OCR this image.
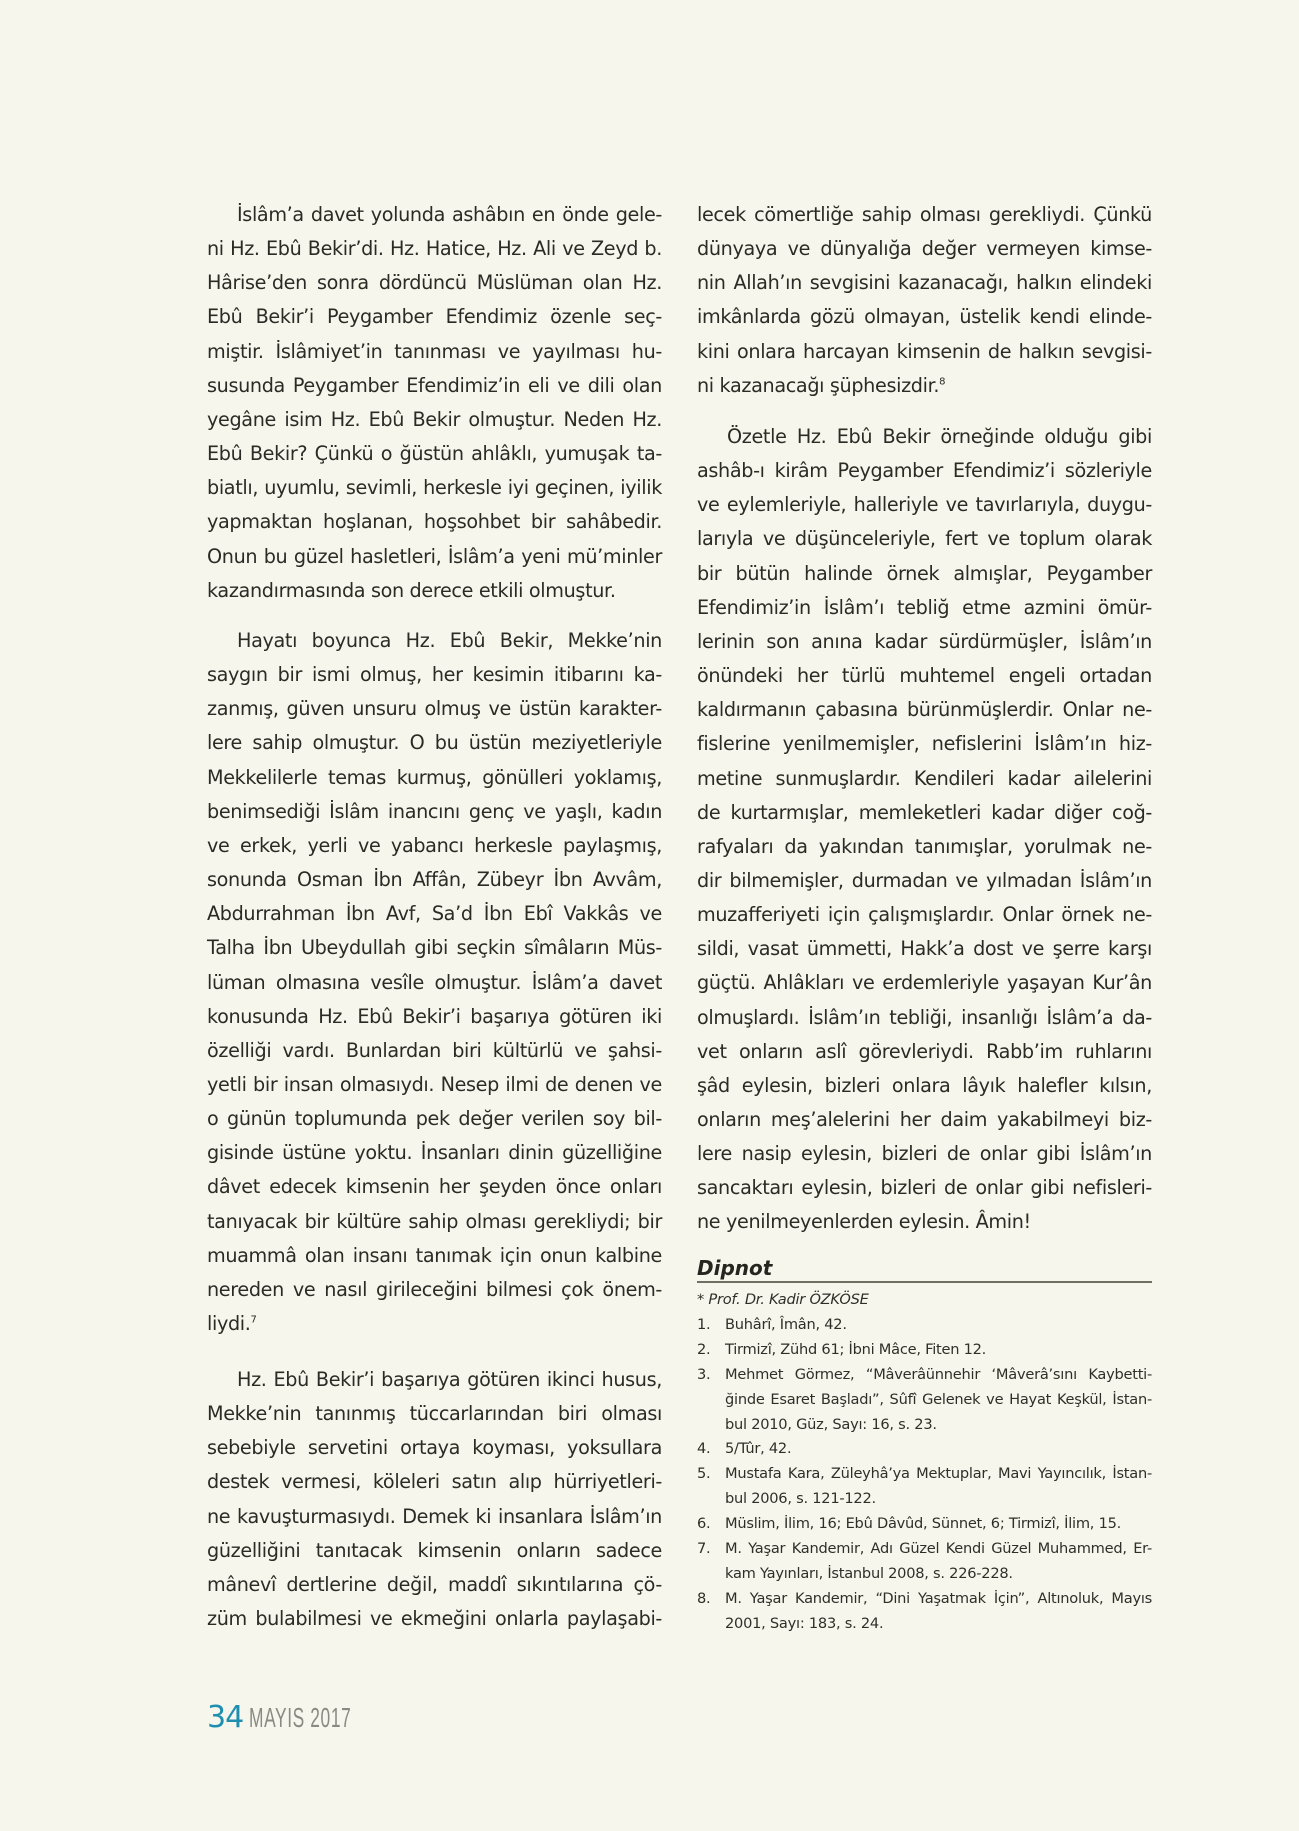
İslâm’a davet yolunda ashâbın en önde gele-
ni Hz. Ebû Bekir’di. Hz. Hatice, Hz. Ali ve Zeyd b.
Hârise’den sonra dördüncü Müslüman olan Hz.
Ebû Bekir’i Peygamber Efendimiz özenle seç-
miştir. İslâmiyet’in tanınması ve yayılması hu-
susunda Peygamber Efendimiz’in eli ve dili olan
yegâne isim Hz. Ebû Bekir olmuştur. Neden Hz.
Ebû Bekir? Çünkü o ğüstün ahlâklı, yumuşak ta-
biatlı, uyumlu, sevimli, herkesle iyi geçinen, iyilik
yapmaktan hoşlanan, hoşsohbet bir sahâbedir.
Onun bu güzel hasletleri, İslâm’a yeni mü’minler
kazandırmasında son derece etkili olmuştur.
Hayatı boyunca Hz. Ebû Bekir, Mekke’nin
saygın bir ismi olmuş, her kesimin itibarını ka-
zanmış, güven unsuru olmuş ve üstün karakter-
lere sahip olmuştur. O bu üstün meziyetleriyle
Mekkelilerle temas kurmuş, gönülleri yoklamış,
benimsediği İslâm inancını genç ve yaşlı, kadın
ve erkek, yerli ve yabancı herkesle paylaşmış,
sonunda Osman İbn Affân, Zübeyr İbn Avvâm,
Abdurrahman İbn Avf, Sa’d İbn Ebî Vakkâs ve
Talha İbn Ubeydullah gibi seçkin sîmâların Müs-
lüman olmasına vesîle olmuştur. İslâm’a davet
konusunda Hz. Ebû Bekir’i başarıya götüren iki
özelliği vardı. Bunlardan biri kültürlü ve şahsi-
yetli bir insan olmasıydı. Nesep ilmi de denen ve
o günün toplumunda pek değer verilen soy bil-
gisinde üstüne yoktu. İnsanları dinin güzelliğine
dâvet edecek kimsenin her şeyden önce onları
tanıyacak bir kültüre sahip olması gerekliydi; bir
muammâ olan insanı tanımak için onun kalbine
nereden ve nasıl girileceğini bilmesi çok önem-
liydi.$^7$
Hz. Ebû Bekir’i başarıya götüren ikinci husus,
Mekke’nin tanınmış tüccarlarından biri olması
sebebiyle servetini ortaya koyması, yoksullara
destek vermesi, köleleri satın alıp hürriyetleri-
ne kavuşturmasıydı. Demek ki insanlara İslâm’ın
güzelliğini tanıtacak kimsenin onların sadece
mânevî dertlerine değil, maddî sıkıntılarına çö-
züm bulabilmesi ve ekmeğini onlarla paylaşabi-
lecek cömertliğe sahip olması gerekliydi. Çünkü
dünyaya ve dünyalığa değer vermeyen kimse-
nin Allah’ın sevgisini kazanacağı, halkın elindeki
imkânlarda gözü olmayan, üstelik kendi elinde-
kini onlara harcayan kimsenin de halkın sevgisi-
ni kazanacağı şüphesizdir.$^8$
Özetle Hz. Ebû Bekir örneğinde olduğu gibi
ashâb-ı kirâm Peygamber Efendimiz’i sözleriyle
ve eylemleriyle, halleriyle ve tavırlarıyla, duygu-
larıyla ve düşünceleriyle, fert ve toplum olarak
bir bütün halinde örnek almışlar, Peygamber
Efendimiz’in İslâm’ı tebliğ etme azmini ömür-
lerinin son anına kadar sürdürmüşler, İslâm’ın
önündeki her türlü muhtemel engeli ortadan
kaldırmanın çabasına bürünmüşlerdir. Onlar ne-
fislerine yenilmemişler, nefislerini İslâm’ın hiz-
metine sunmuşlardır. Kendileri kadar ailelerini
de kurtarmışlar, memleketleri kadar diğer coğ-
rafyaları da yakından tanımışlar, yorulmak ne-
dir bilmemişler, durmadan ve yılmadan İslâm’ın
muzafferiyeti için çalışmışlardır. Onlar örnek ne-
sildi, vasat ümmetti, Hakk’a dost ve şerre karşı
güçtü. Ahlâkları ve erdemleriyle yaşayan Kur’ân
olmuşlardı. İslâm’ın tebliği, insanlığı İslâm’a da-
vet onların aslî görevleriydi. Rabb’im ruhlarını
şâd eylesin, bizleri onlara lâyık halefler kılsın,
onların meş’alelerini her daim yakabilmeyi biz-
lere nasip eylesin, bizleri de onlar gibi İslâm’ın
sancaktarı eylesin, bizleri de onlar gibi nefisleri-
ne yenilmeyenlerden eylesin. Âmin!
Dipnot
* Prof. Dr. Kadir ÖZKÖSE
1. Buhârî, Îmân, 42.
2. Tirmizî, Zühd 61; İbni Mâce, Fiten 12.
3. Mehmet Görmez, “Mâverâünnehir ‘Mâverâ’sını Kaybetti-
ğinde Esaret Başladı”, Sûfî Gelenek ve Hayat Keşkül, İstan-
bul 2010, Güz, Sayı: 16, s. 23.
4. 5/Tûr, 42.
5. Mustafa Kara, Züleyhâ’ya Mektuplar, Mavi Yayıncılık, İstan-
bul 2006, s. 121-122.
6. Müslim, İlim, 16; Ebû Dâvûd, Sünnet, 6; Tirmizî, İlim, 15.
7. M. Yaşar Kandemir, Adı Güzel Kendi Güzel Muhammed, Er-
kam Yayınları, İstanbul 2008, s. 226-228.
8. M. Yaşar Kandemir, “Dini Yaşatmak İçin”, Altınoluk, Mayıs
2001, Sayı: 183, s. 24.
34 MAYIS 2017
